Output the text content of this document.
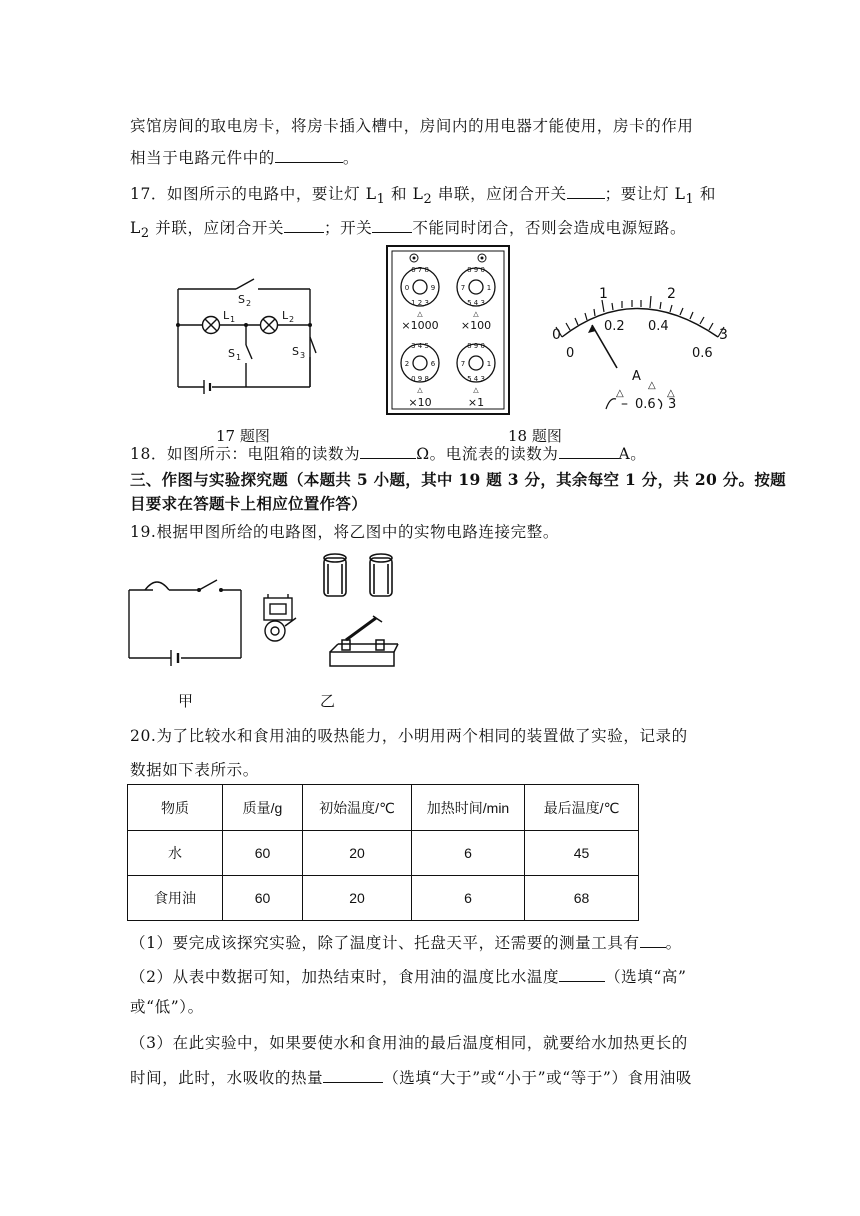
宾馆房间的取电房卡，将房卡插入槽中，房间内的用电器才能使用，房卡的作用
相当于电路元件中的	。
17．如图所示的电路中，要让灯 $L_1$ 和 $L_2$ 串联，应闭合开关 ；要让灯 $L_1$ 和
$L_2$ 并联，应闭合开关	；开关	不能同时闭合，否则会造成电源短路。
S 2
L 1	L 2
S 1	S 3
6 7 8
0	9
1 2 3
8 9 0
7	1
5 4 3
△	△
×1000 ×100
3 4 5
2	6
0 9 8
8 9 0
7	1
5 4 3
△	△
×10	×1
0
1	2
3
0
0.2 0.4
0.6
A
△
△
△
– 0.6 3
17 题图	18 题图
18．如图所示：电阻箱的读数为	Ω。电流表的读数为	A。
三、作图与实验探究题（本题共 5 小题，其中 19 题 3 分，其余每空 1 分，共 20 分。按题
目要求在答题卡上相应位置作答）
19.根据甲图所给的电路图，将乙图中的实物电路连接完整。
甲	乙
20.为了比较水和食用油的吸热能力，小明用两个相同的装置做了实验，记录的
数据如下表所示。
物质	质量/g	初始温度/℃	加热时间/min	最后温度/℃
水	60	20	6	45
食用油	60	20	6	68
（1）要完成该探究实验，除了温度计、托盘天平，还需要的测量工具有 。
（2）从表中数据可知，加热结束时，食用油的温度比水温度	（选填“高”
或“低”）。
（3）在此实验中，如果要使水和食用油的最后温度相同，就要给水加热更长的
时间，此时，水吸收的热量	（选填“大于”或“小于”或“等于”）食用油吸
